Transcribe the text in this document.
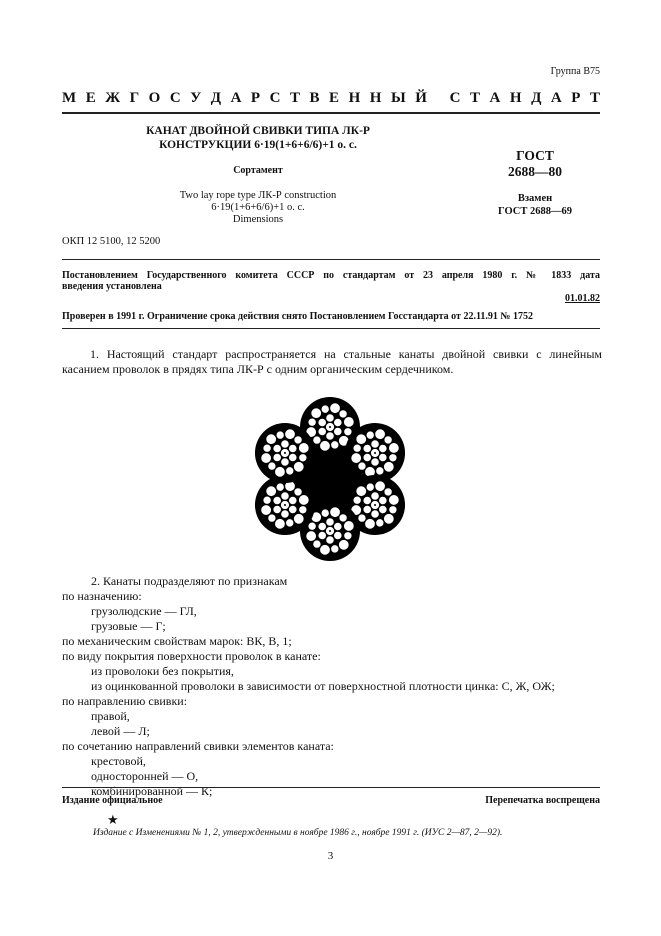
Группа В75
М Е Ж Г О С У Д А Р С Т В Е Н Н Ы Й
С Т А Н Д А Р Т
КАНАТ ДВОЙНОЙ СВИВКИ ТИПА ЛК-Р
КОНСТРУКЦИИ 6·19(1+6+6/6)+1 о. с.
Сортамент
Two lay rope type ЛК-Р construction
6·19(1+6+6/6)+1 о. с.
Dimensions
ГОСТ
2688—80
Взамен
ГОСТ 2688—69
ОКП 12 5100, 12 5200
Постановлением Государственного комитета СССР по стандартам от 23 апреля 1980 г. № 1833 дата
введения установлена
01.01.82
Проверен в 1991 г. Ограничение срока действия снято Постановлением Госстандарта от 22.11.91 № 1752
1. Настоящий стандарт распространяется на стальные канаты двойной свивки с линейным касанием проволок в прядях типа ЛК-Р с одним органическим сердечником.
2. Канаты подразделяют по признакам
по назначению:
грузолюдские — ГЛ,
грузовые — Г;
по механическим свойствам марок: ВК, В, 1;
по виду покрытия поверхности проволок в канате:
из проволоки без покрытия,
из оцинкованной проволоки в зависимости от поверхностной плотности цинка: С, Ж, ОЖ;
по направлению свивки:
правой,
левой — Л;
по сочетанию направлений свивки элементов каната:
крестовой,
односторонней — О,
комбинированной — К;
Издание официальное	Перепечатка воспрещена
★
Издание с Изменениями № 1, 2, утвержденными в ноябре 1986 г., ноябре 1991 г. (ИУС 2—87, 2—92).
3
